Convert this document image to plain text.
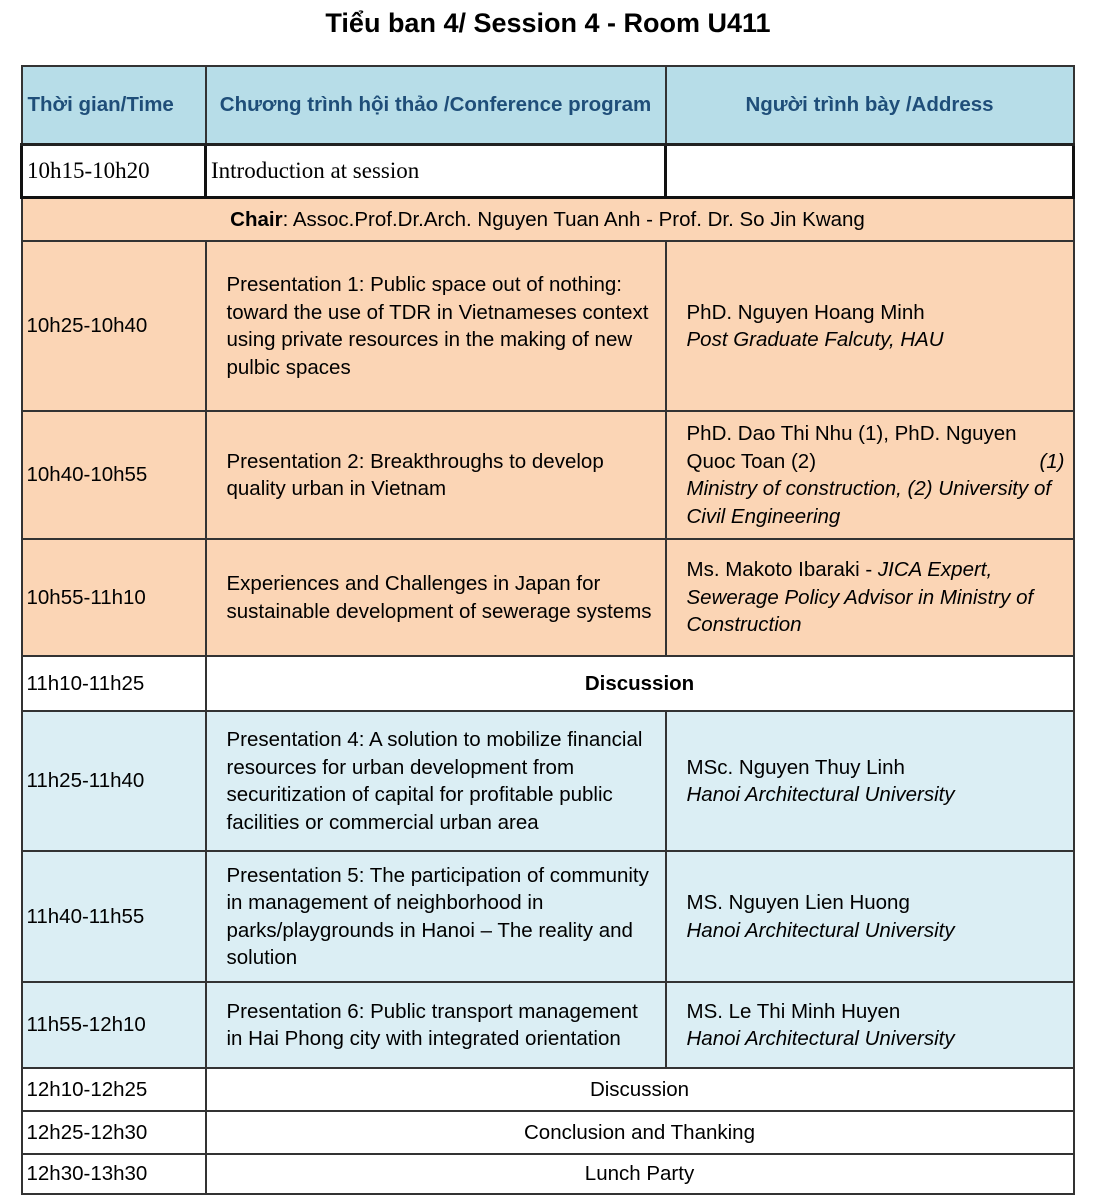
Tiểu ban 4/ Session 4 - Room U411
Thời gian/Time	Chương trình hội thảo /Conference program	Người trình bày /Address
10h15-10h20	Introduction at session	
Chair: Assoc.Prof.Dr.Arch. Nguyen Tuan Anh - Prof. Dr. So Jin Kwang		
10h25-10h40	Presentation 1: Public space out of nothing: toward the use of TDR in Vietnameses context using private resources in the making of new pulbic spaces	PhD. Nguyen Hoang Minh
Post Graduate Falcuty, HAU

10h40-10h55	Presentation 2: Breakthroughs to develop quality urban in Vietnam	PhD. Dao Thi Nhu (1), PhD. Nguyen Quoc Toan (2) (1)
Ministry of construction, (2) University of Civil Engineering

10h55-11h10	Experiences and Challenges in Japan for sustainable development of sewerage systems	Ms. Makoto Ibaraki - JICA Expert, Sewerage Policy Advisor in Ministry of Construction
11h10-11h25	Discussion	
11h25-11h40	Presentation 4: A solution to mobilize financial resources for urban development from securitization of capital for profitable public facilities or commercial urban area	MSc. Nguyen Thuy Linh
Hanoi Architectural University

11h40-11h55	Presentation 5: The participation of community in management of neighborhood in parks/playgrounds in Hanoi – The reality and solution	MS. Nguyen Lien Huong
Hanoi Architectural University

11h55-12h10	Presentation 6: Public transport management in Hai Phong city with integrated orientation	MS. Le Thi Minh Huyen
Hanoi Architectural University

12h10-12h25	Discussion	
12h25-12h30	Conclusion and Thanking	
12h30-13h30	Lunch Party	
